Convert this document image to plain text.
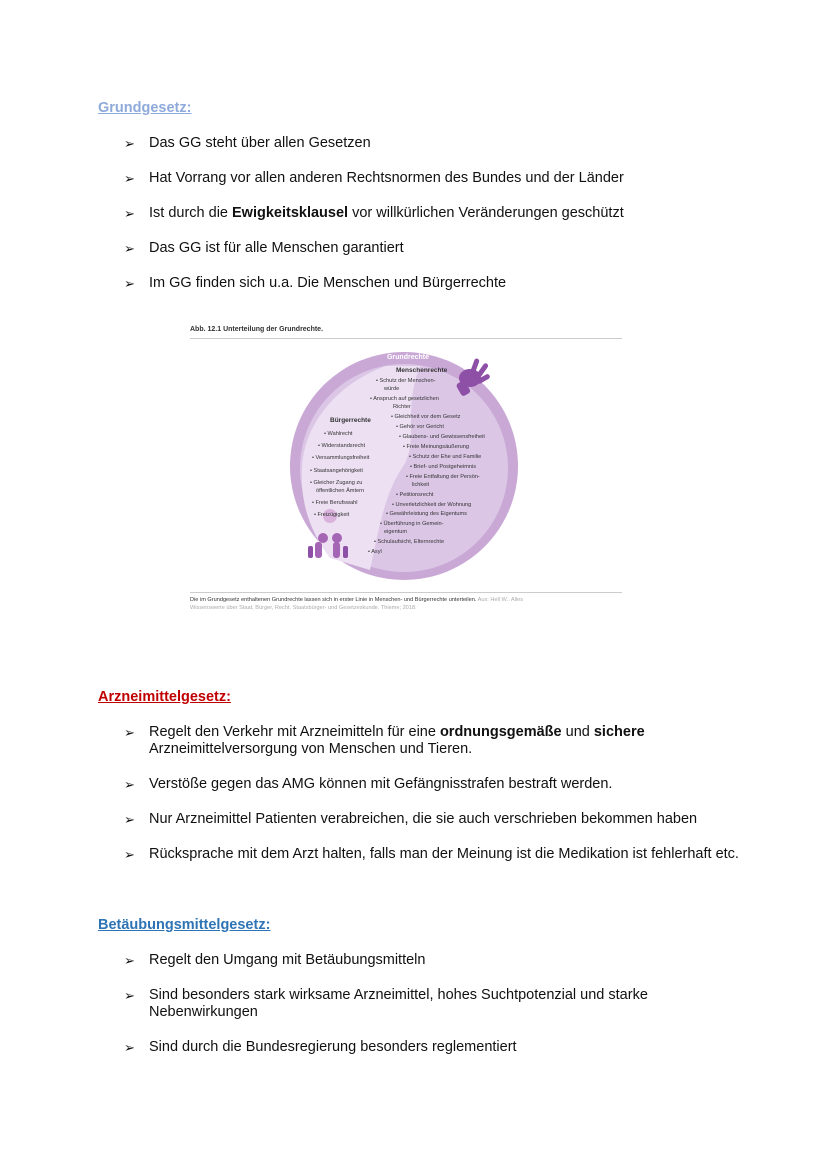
Grundgesetz:
➢ Das GG steht über allen Gesetzen
➢ Hat Vorrang vor allen anderen Rechtsnormen des Bundes und der Länder
➢ Ist durch die Ewigkeitsklausel vor willkürlichen Veränderungen geschützt
➢ Das GG ist für alle Menschen garantiert
➢ Im GG finden sich u.a. Die Menschen und Bürgerrechte
Abb. 12.1 Unterteilung der Grundrechte.
Grundrechte
Menschenrechte
• Schutz der Menschen-
würde
• Anspruch auf gesetzlichen
Richter
• Gleichheit vor dem Gesetz
• Gehör vor Gericht
• Glaubens- und Gewissensfreiheit
• Freie Meinungsäußerung
• Schutz der Ehe und Familie
• Brief- und Postgeheimnis
• Freie Entfaltung der Persön-
lichkeit
• Petitionsrecht
• Unverletzlichkeit der Wohnung
• Gewährleistung des Eigentums
• Überführung in Gemein-
eigentum
• Schulaufsicht, Elternrechte
• Asyl
Bürgerrechte
• Wahlrecht
• Widerstandsrecht
• Versammlungsfreiheit
• Staatsangehörigkeit
• Gleicher Zugang zu
öffentlichen Ämtern
• Freie Berufswahl
• Freizügigkeit
Die im Grundgesetz enthaltenen Grundrechte lassen sich in erster Linie in Menschen- und Bürgerrechte unterteilen. Aus: Hell W.: Alles
Wissenswerte über Staat, Bürger, Recht. Staatsbürger- und Gesetzeskunde. Thieme; 2018.
Arzneimittelgesetz:
➢ Regelt den Verkehr mit Arzneimitteln für eine ordnungsgemäße und sichere Arzneimittelversorgung von Menschen und Tieren.
➢ Verstöße gegen das AMG können mit Gefängnisstrafen bestraft werden.
➢ Nur Arzneimittel Patienten verabreichen, die sie auch verschrieben bekommen haben
➢ Rücksprache mit dem Arzt halten, falls man der Meinung ist die Medikation ist fehlerhaft etc.
Betäubungsmittelgesetz:
➢ Regelt den Umgang mit Betäubungsmitteln
➢ Sind besonders stark wirksame Arzneimittel, hohes Suchtpotenzial und starke Nebenwirkungen
➢ Sind durch die Bundesregierung besonders reglementiert
